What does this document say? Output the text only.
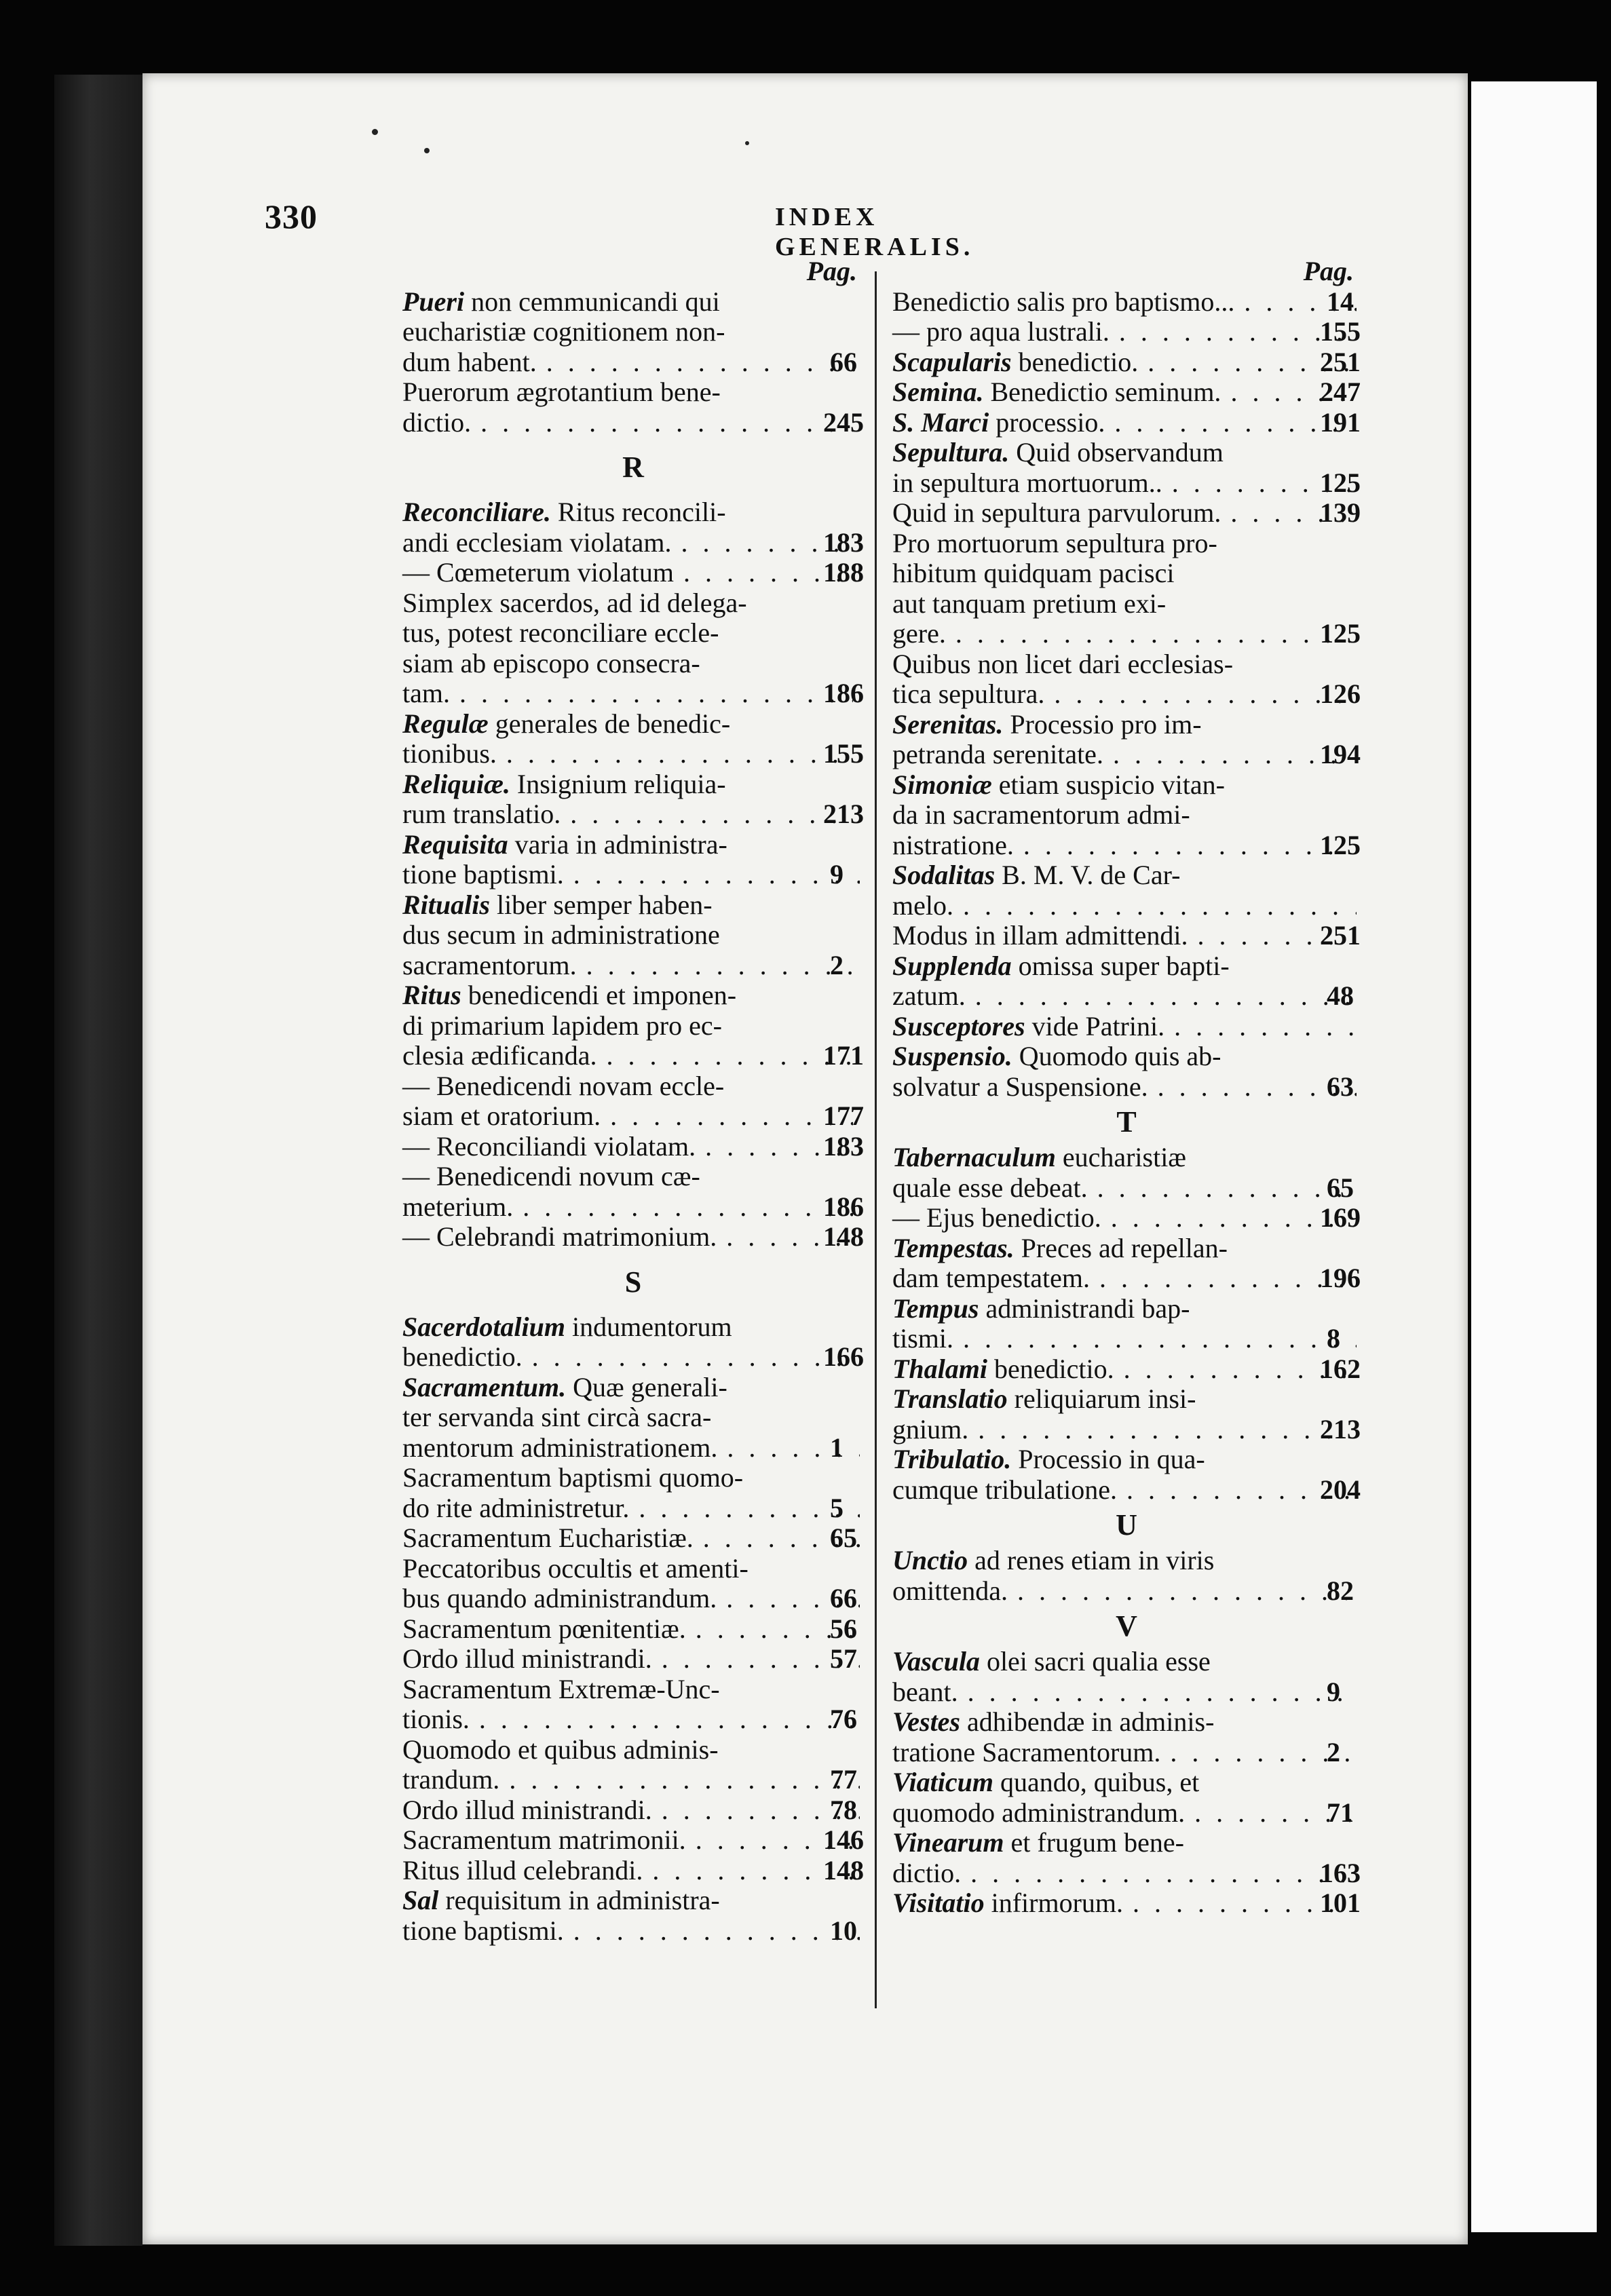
330	INDEX GENERALIS.
Pag.
Pueri non cemmunicandi qui
eucharistiæ cognitionem non-
dum habent. . . .	66
Puerorum ægrotantium bene-
dictio. . . .	245
R
Reconciliare. Ritus reconcili-
andi ecclesiam violatam. . . .	183
— Cœmeterum violatum . . .	188
Simplex sacerdos, ad id delega-
tus, potest reconciliare eccle-
siam ab episcopo consecra-
tam. . . .	186
Regulæ generales de benedic-
tionibus. . . .	155
Reliquiæ. Insignium reliquia-
rum translatio. . . .	213
Requisita varia in administra-
tione baptismi. . . .	9
Ritualis liber semper haben-
dus secum in administratione
sacramentorum. . . .	2
Ritus benedicendi et imponen-
di primarium lapidem pro ec-
clesia ædificanda. . . .	171
— Benedicendi novam eccle-
siam et oratorium. . . .	177
— Reconciliandi violatam. . . .	183
— Benedicendi novum cæ-
meterium. . . .	186
— Celebrandi matrimonium. . . .	148
S
Sacerdotalium indumentorum
benedictio. . . .	166
Sacramentum. Quæ generali-
ter servanda sint circà sacra-
mentorum administrationem. . . .	1
Sacramentum baptismi quomo-
do rite administretur. . . .	5
Sacramentum Eucharistiæ. . . .	65
Peccatoribus occultis et amenti-
bus quando administrandum. . . .	66
Sacramentum pœnitentiæ. . . .	56
Ordo illud ministrandi. . . .	57
Sacramentum Extremæ-Unc-
tionis. . . .	76
Quomodo et quibus adminis-
trandum. . . .	77
Ordo illud ministrandi. . . .	78
Sacramentum matrimonii. . . .	146
Ritus illud celebrandi. . . .	148
Sal requisitum in administra-
tione baptismi. . . .	10
Pag.
Benedictio salis pro baptismo... . . .	14
— pro aqua lustrali. . . .	155
Scapularis benedictio. . . .	251
Semina. Benedictio seminum. . . .	247
S. Marci processio. . . .	191
Sepultura. Quid observandum
in sepultura mortuorum.. . . .	125
Quid in sepultura parvulorum. . . .	139
Pro mortuorum sepultura pro-
hibitum quidquam pacisci
aut tanquam pretium exi-
gere. . . .	125
Quibus non licet dari ecclesias-
tica sepultura. . . .	126
Serenitas. Processio pro im-
petranda serenitate. . . .	194
Simoniæ etiam suspicio vitan-
da in sacramentorum admi-
nistratione. . . .	125
Sodalitas B. M. V. de Car-
melo.
. . .
Modus in illam admittendi. . . .	251
Supplenda omissa super bapti-
zatum. . . .	48
Susceptores vide Patrini.
. . .
Suspensio. Quomodo quis ab-
solvatur a Suspensione. . . .	63
T
Tabernaculum eucharistiæ
quale esse debeat. . . .	65
— Ejus benedictio. . . .	169
Tempestas. Preces ad repellan-
dam tempestatem. . . .	196
Tempus administrandi bap-
tismi. . . .	8
Thalami benedictio. . . .	162
Translatio reliquiarum insi-
gnium. . . .	213
Tribulatio. Processio in qua-
cumque tribulatione. . . .	204
U
Unctio ad renes etiam in viris
omittenda. . . .	82
V
Vascula olei sacri qualia esse
beant. . . .	9
Vestes adhibendæ in adminis-
tratione Sacramentorum. . . .	2
Viaticum quando, quibus, et
quomodo administrandum. . . .	71
Vinearum et frugum bene-
dictio. . . .	163
Visitatio infirmorum. . . .	101
